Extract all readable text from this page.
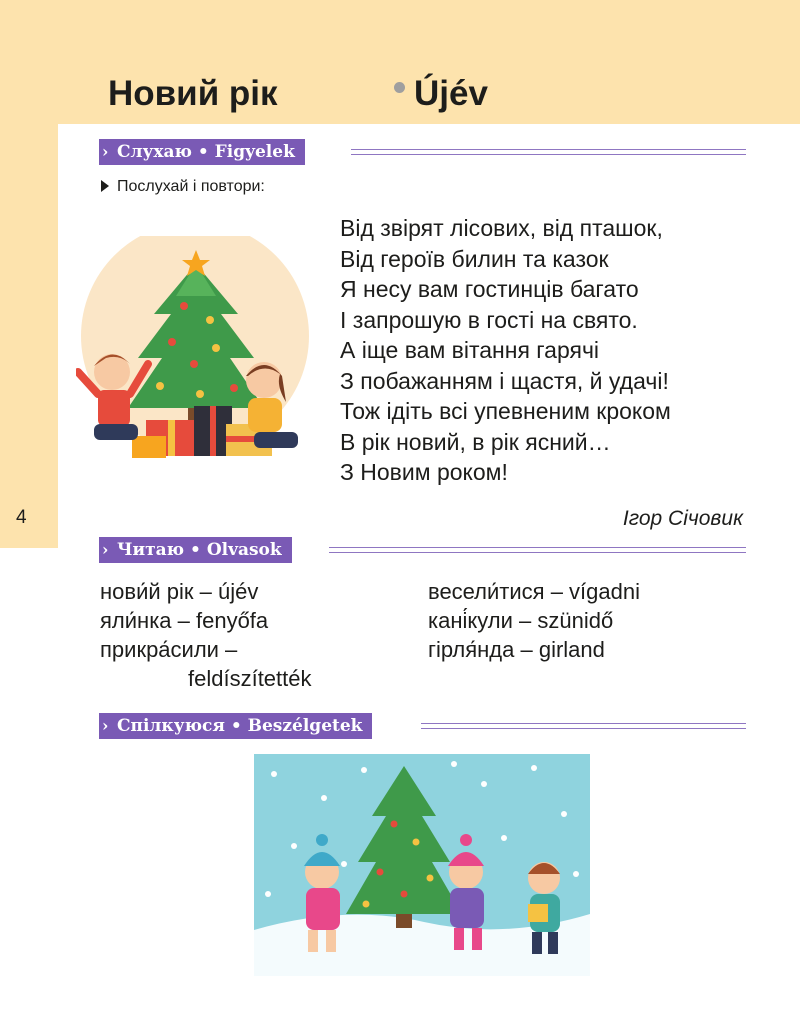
Новий рік	Újév
4
› Слухаю • Figyelek
Послухай і повтори:
Від звірят лісових, від пташок,
Від героїв билин та казок
Я несу вам гостинців багато
І запрошую в гості на свято.
А іще вам вітання гарячі
З побажанням і щастя, й удачі!
Тож ідіть всі упевненим кроком
В рік новий, в рік ясний…
З Новим роком!
Ігор Січовик
› Читаю • Olvasok
нови́й рік – újév
яли́нка – fenyőfa
прикра́сили –
feldíszítették
весели́тися – vígadni
кані́кули – szünidő
гірля́нда – girland
› Спілкуюся • Beszélgetek
